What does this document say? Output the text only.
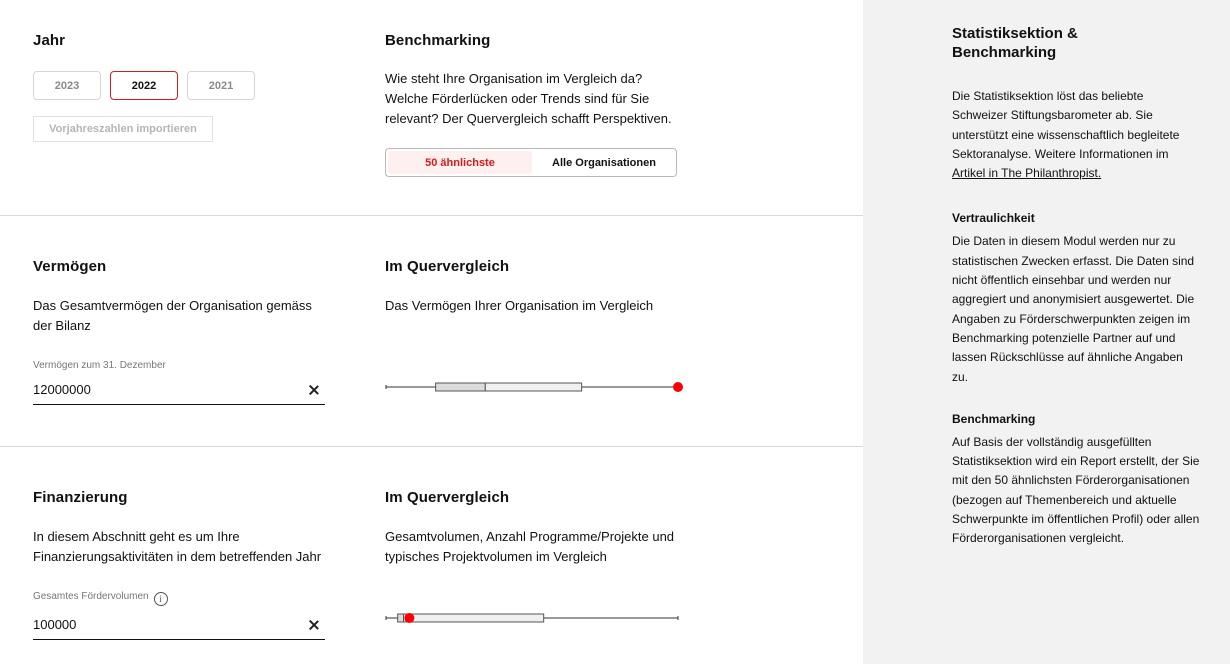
Jahr
2023	2022	2021
Vorjahreszahlen importieren
Benchmarking

Wie steht Ihre Organisation im Vergleich da? Welche Förderlücken oder Trends sind für Sie relevant? Der Quervergleich schafft Perspektiven.

50 ähnlichste	Alle Organisationen
Vermögen

Das Gesamtvermögen der Organisation gemäss der Bilanz

Vermögen zum 31. Dezember
12000000
Im Quervergleich

Das Vermögen Ihrer Organisation im Vergleich

Finanzierung

In diesem Abschnitt geht es um Ihre Finanzierungsaktivitäten in dem betreffenden Jahr

Gesamtes Fördervolumen i
100000
Im Quervergleich

Gesamtvolumen, Anzahl Programme/Projekte und typisches Projektvolumen im Vergleich

Statistiksektion & Benchmarking

Die Statistiksektion löst das beliebte Schweizer Stiftungsbarometer ab. Sie unterstützt eine wissenschaftlich begleitete Sektoranalyse. Weitere Informationen im Artikel in The Philanthropist.

Vertraulichkeit

Die Daten in diesem Modul werden nur zu statistischen Zwecken erfasst. Die Daten sind nicht öffentlich einsehbar und werden nur aggregiert und anonymisiert ausgewertet. Die Angaben zu Förderschwerpunkten zeigen im Benchmarking potenzielle Partner auf und lassen Rückschlüsse auf ähnliche Angaben zu.

Benchmarking

Auf Basis der vollständig ausgefüllten Statistiksektion wird ein Report erstellt, der Sie mit den 50 ähnlichsten Förderorganisationen (bezogen auf Themenbereich und aktuelle Schwerpunkte im öffentlichen Profil) oder allen Förderorganisationen vergleicht.
